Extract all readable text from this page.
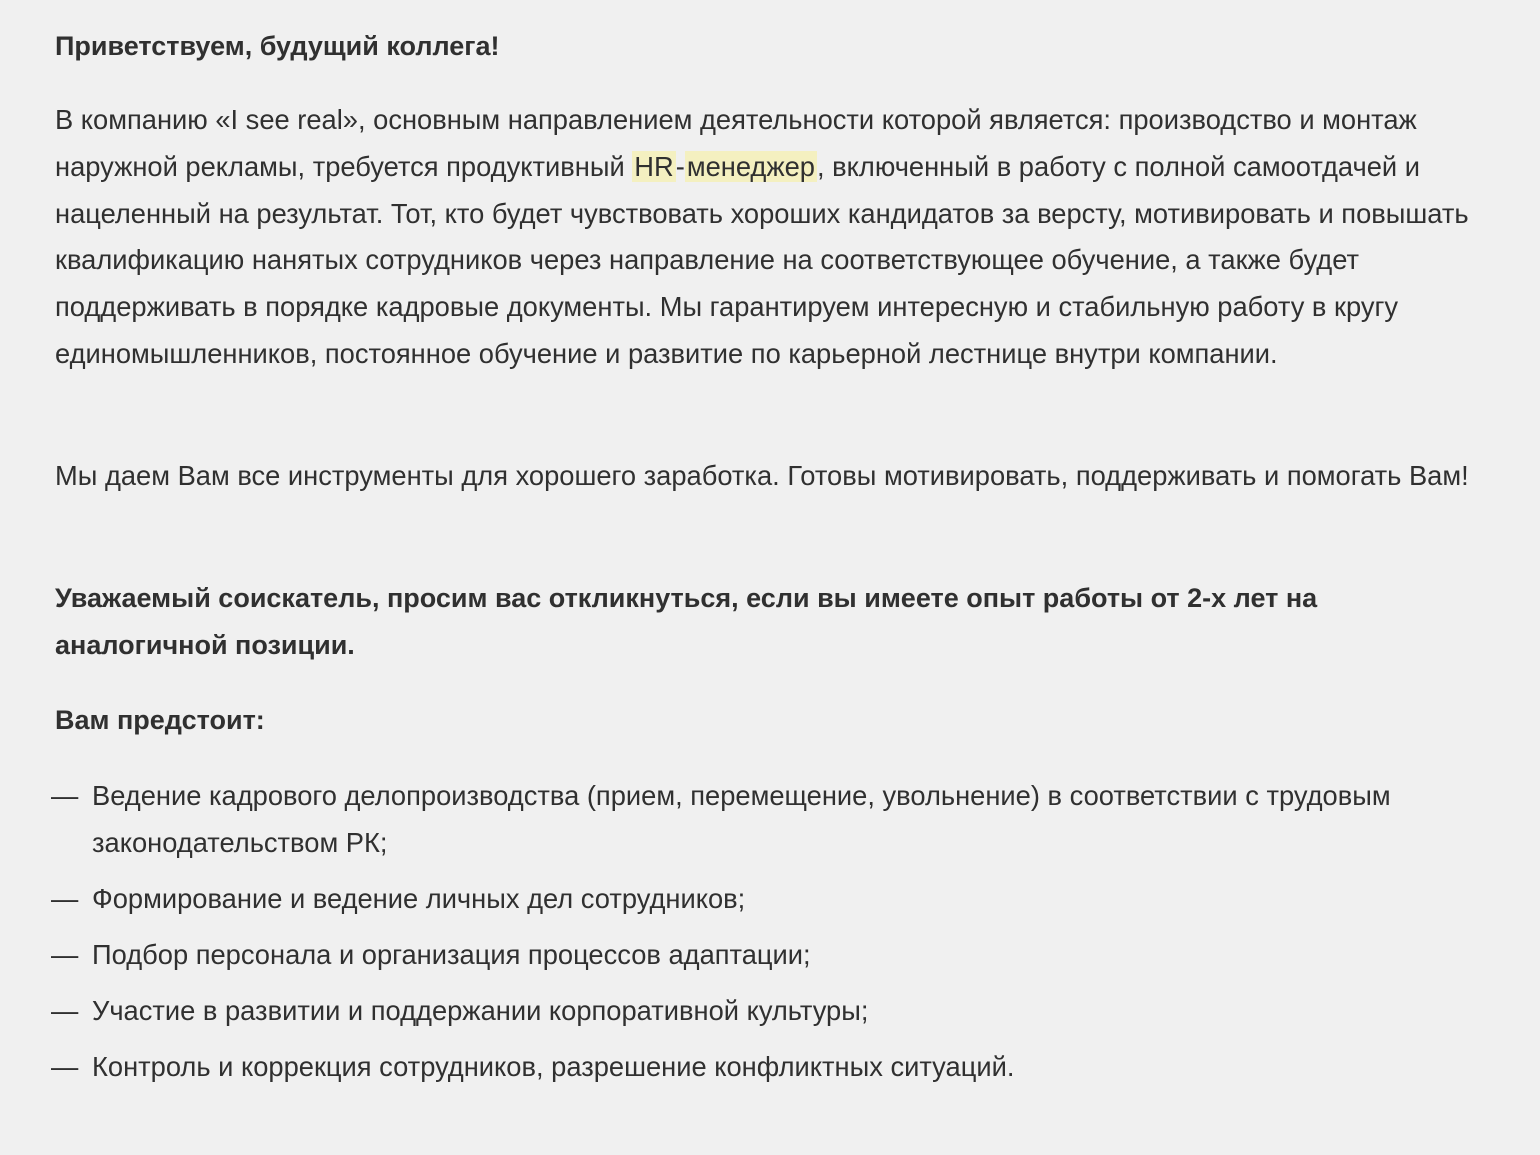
Приветствуем, будущий коллега!

В компанию «I see real», основным направлением деятельности которой является: производство и монтаж наружной рекламы, требуется продуктивный HR-менеджер, включенный в работу с полной самоотдачей и нацеленный на результат. Тот, кто будет чувствовать хороших кандидатов за версту, мотивировать и повышать квалификацию нанятых сотрудников через направление на соответствующее обучение, а также будет поддерживать в порядке кадровые документы. Мы гарантируем интересную и стабильную работу в кругу единомышленников, постоянное обучение и развитие по карьерной лестнице внутри компании.

Мы даем Вам все инструменты для хорошего заработка. Готовы мотивировать, поддерживать и помогать Вам!

Уважаемый соискатель, просим вас откликнуться, если вы имеете опыт работы от 2-х лет на аналогичной позиции.

Вам предстоит:

— Ведение кадрового делопроизводства (прием, перемещение, увольнение) в соответствии с трудовым законодательством РК;
— Формирование и ведение личных дел сотрудников;
— Подбор персонала и организация процессов адаптации;
— Участие в развитии и поддержании корпоративной культуры;
— Контроль и коррекция сотрудников, разрешение конфликтных ситуаций.
